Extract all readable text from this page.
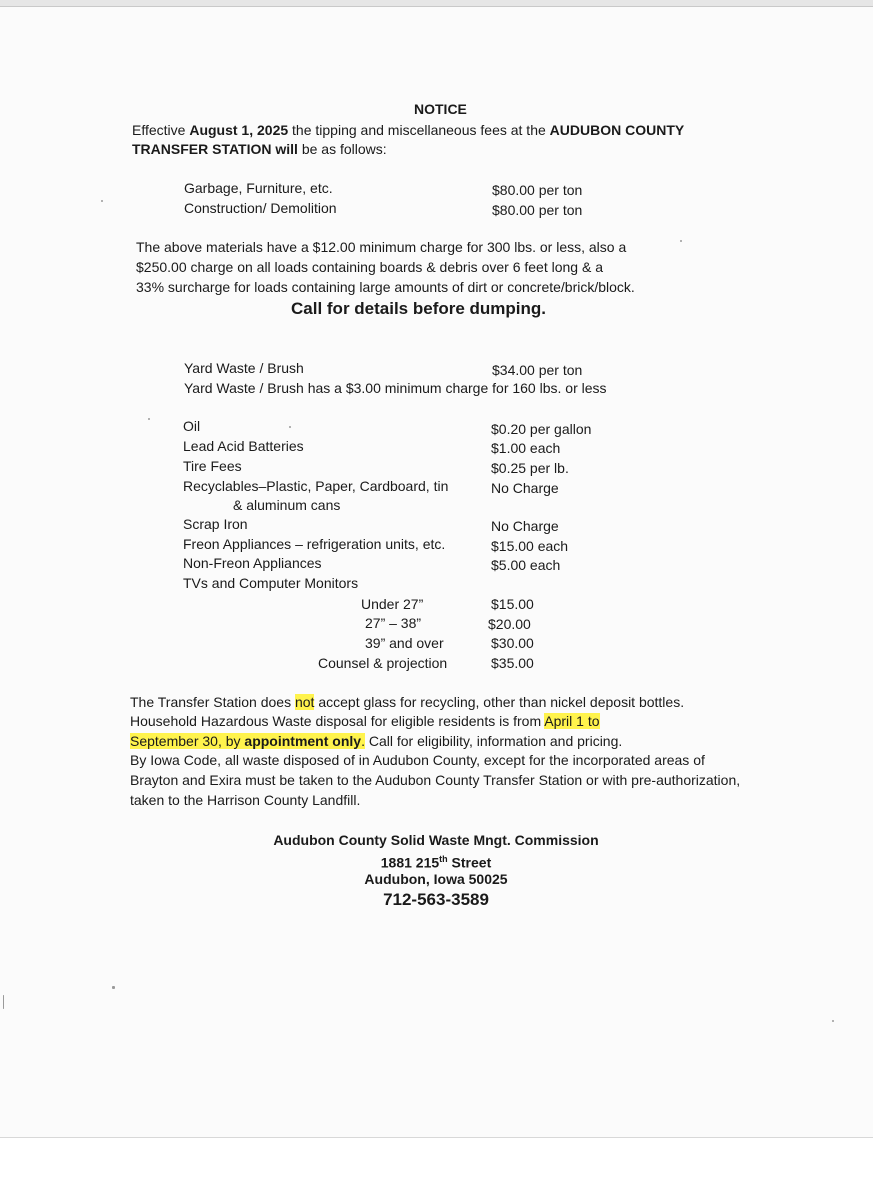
NOTICE
Effective August 1, 2025 the tipping and miscellaneous fees at the AUDUBON COUNTY
TRANSFER STATION will be as follows:
Garbage, Furniture, etc.	$80.00 per ton
Construction/ Demolition	$80.00 per ton
The above materials have a $12.00 minimum charge for 300 lbs. or less, also a
$250.00 charge on all loads containing boards & debris over 6 feet long & a
33% surcharge for loads containing large amounts of dirt or concrete/brick/block.
Call for details before dumping.
Yard Waste / Brush	$34.00 per ton
Yard Waste / Brush has a $3.00 minimum charge for 160 lbs. or less
Oil	$0.20 per gallon
Lead Acid Batteries	$1.00 each
Tire Fees	$0.25 per lb.
Recyclables–Plastic, Paper, Cardboard, tin	No Charge
& aluminum cans
Scrap Iron	No Charge
Freon Appliances – refrigeration units, etc.	$15.00 each
Non-Freon Appliances	$5.00 each
TVs and Computer Monitors
Under 27”	$15.00
27” – 38”	$20.00
39” and over	$30.00
Counsel & projection	$35.00
The Transfer Station does not accept glass for recycling, other than nickel deposit bottles.
Household Hazardous Waste disposal for eligible residents is from April 1 to
September 30, by appointment only. Call for eligibility, information and pricing.
By Iowa Code, all waste disposed of in Audubon County, except for the incorporated areas of
Brayton and Exira must be taken to the Audubon County Transfer Station or with pre-authorization,
taken to the Harrison County Landfill.
Audubon County Solid Waste Mngt. Commission
1881 215th Street
Audubon, Iowa 50025
712-563-3589
